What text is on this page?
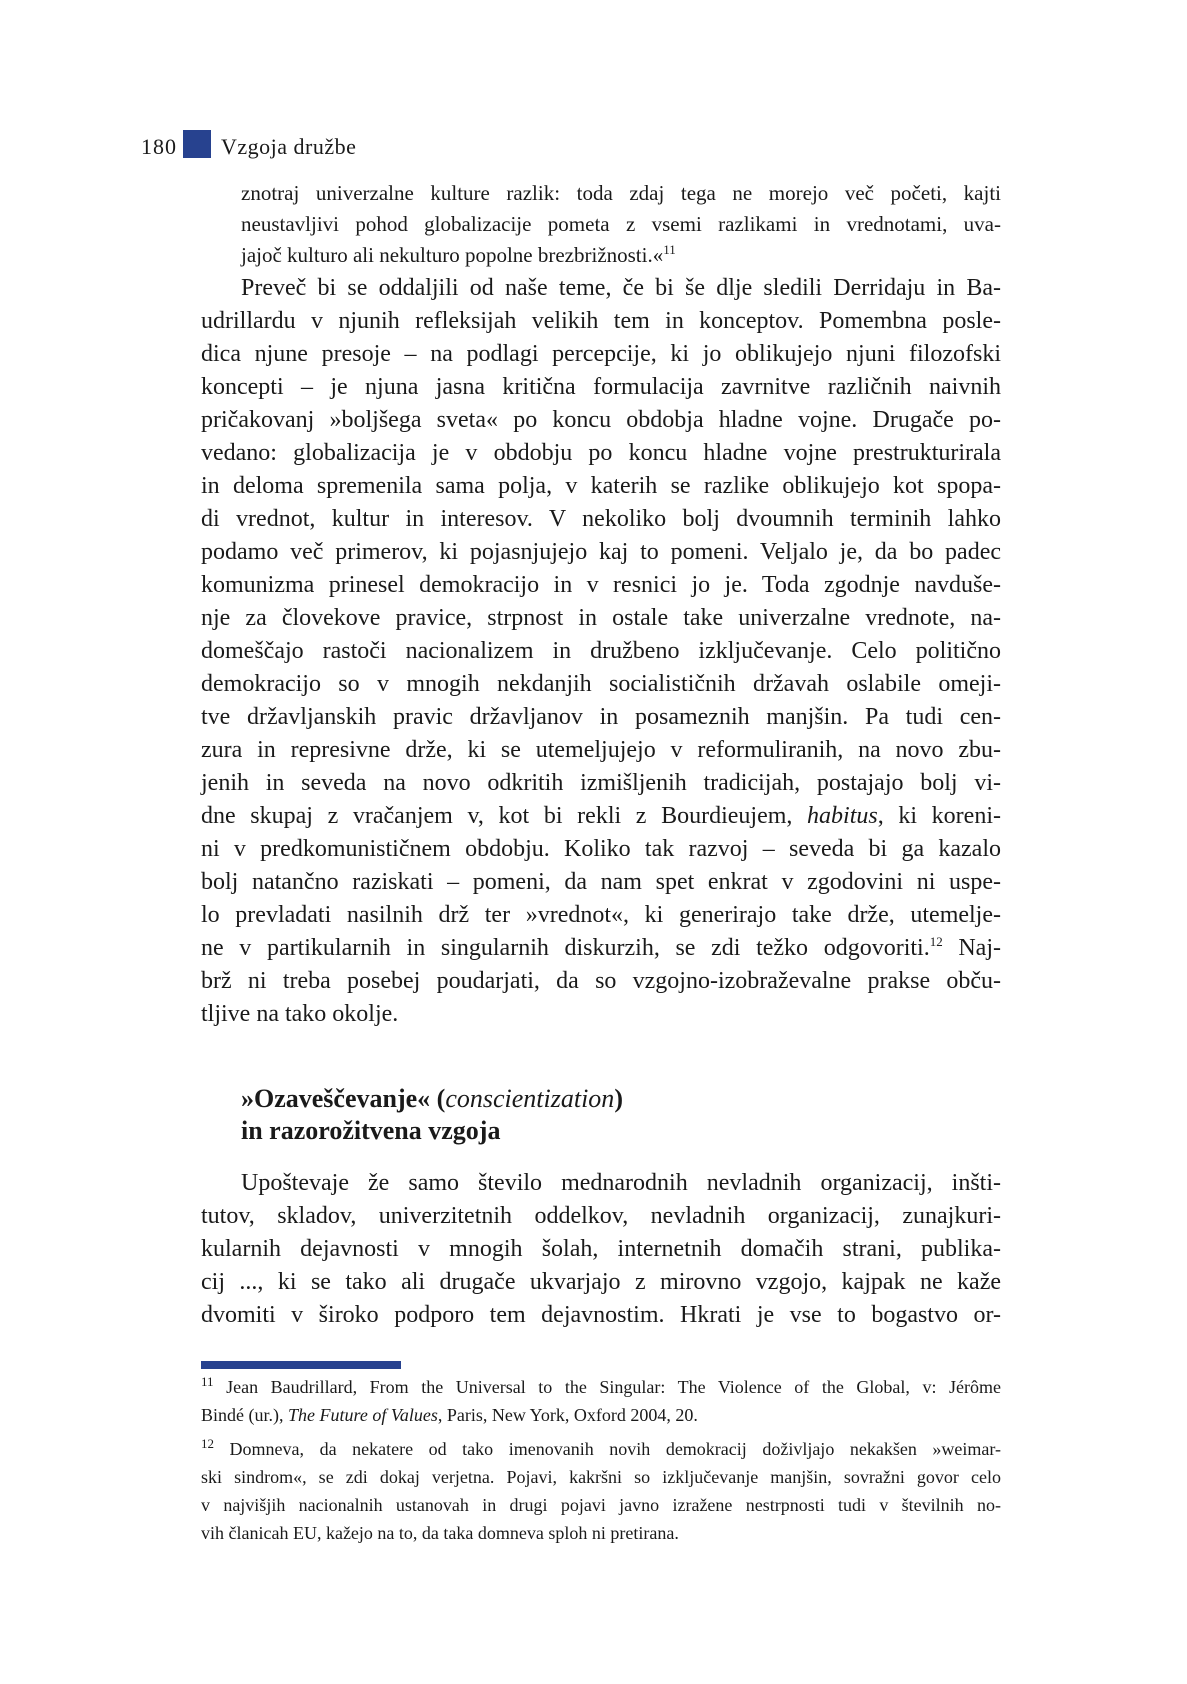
180 Vzgoja družbe
znotraj univerzalne kulture razlik: toda zdaj tega ne morejo več početi, kajti
neustavljivi pohod globalizacije pometa z vsemi razlikami in vrednotami, uva-
jajoč kulturo ali nekulturo popolne brezbrižnosti.«$^{11}$
Preveč bi se oddaljili od naše teme, če bi še dlje sledili Derridaju in Ba-
udrillardu v njunih refleksijah velikih tem in konceptov. Pomembna posle-
dica njune presoje – na podlagi percepcije, ki jo oblikujejo njuni filozofski
koncepti – je njuna jasna kritična formulacija zavrnitve različnih naivnih
pričakovanj »boljšega sveta« po koncu obdobja hladne vojne. Drugače po-
vedano: globalizacija je v obdobju po koncu hladne vojne prestrukturirala
in deloma spremenila sama polja, v katerih se razlike oblikujejo kot spopa-
di vrednot, kultur in interesov. V nekoliko bolj dvoumnih terminih lahko
podamo več primerov, ki pojasnjujejo kaj to pomeni. Veljalo je, da bo padec
komunizma prinesel demokracijo in v resnici jo je. Toda zgodnje navduše-
nje za človekove pravice, strpnost in ostale take univerzalne vrednote, na-
domeščajo rastoči nacionalizem in družbeno izključevanje. Celo politično
demokracijo so v mnogih nekdanjih socialističnih državah oslabile omeji-
tve državljanskih pravic državljanov in posameznih manjšin. Pa tudi cen-
zura in represivne drže, ki se utemeljujejo v reformuliranih, na novo zbu-
jenih in seveda na novo odkritih izmišljenih tradicijah, postajajo bolj vi-
dne skupaj z vračanjem v, kot bi rekli z Bourdieujem, habitus, ki koreni-
ni v predkomunističnem obdobju. Koliko tak razvoj – seveda bi ga kazalo
bolj natančno raziskati – pomeni, da nam spet enkrat v zgodovini ni uspe-
lo prevladati nasilnih drž ter »vrednot«, ki generirajo take drže, utemelje-
ne v partikularnih in singularnih diskurzih, se zdi težko odgovoriti.$^{12}$ Naj-
brž ni treba posebej poudarjati, da so vzgojno-izobraževalne prakse obču-
tljive na tako okolje.
»Ozaveščevanje« (conscientization)
in razorožitvena vzgoja
Upoštevaje že samo število mednarodnih nevladnih organizacij, inšti-
tutov, skladov, univerzitetnih oddelkov, nevladnih organizacij, zunajkuri-
kularnih dejavnosti v mnogih šolah, internetnih domačih strani, publika-
cij ..., ki se tako ali drugače ukvarjajo z mirovno vzgojo, kajpak ne kaže
dvomiti v široko podporo tem dejavnostim. Hkrati je vse to bogastvo or-
$^{11}$ Jean Baudrillard, From the Universal to the Singular: The Violence of the Global, v: Jérôme
Bindé (ur.), The Future of Values, Paris, New York, Oxford 2004, 20.
$^{12}$ Domneva, da nekatere od tako imenovanih novih demokracij doživljajo nekakšen »weimar-
ski sindrom«, se zdi dokaj verjetna. Pojavi, kakršni so izključevanje manjšin, sovražni govor celo
v najvišjih nacionalnih ustanovah in drugi pojavi javno izražene nestrpnosti tudi v številnih no-
vih članicah EU, kažejo na to, da taka domneva sploh ni pretirana.
